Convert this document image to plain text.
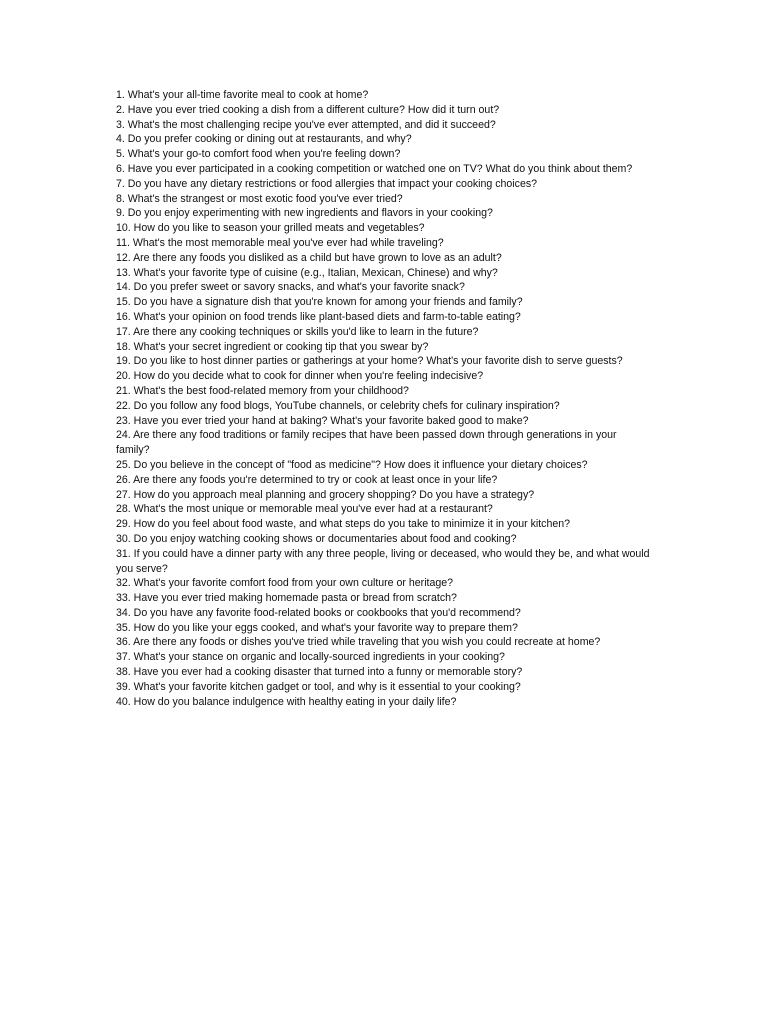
1. What's your all-time favorite meal to cook at home?
2. Have you ever tried cooking a dish from a different culture? How did it turn out?
3. What's the most challenging recipe you've ever attempted, and did it succeed?
4. Do you prefer cooking or dining out at restaurants, and why?
5. What's your go-to comfort food when you're feeling down?
6. Have you ever participated in a cooking competition or watched one on TV? What do you think about them?
7. Do you have any dietary restrictions or food allergies that impact your cooking choices?
8. What's the strangest or most exotic food you've ever tried?
9. Do you enjoy experimenting with new ingredients and flavors in your cooking?
10. How do you like to season your grilled meats and vegetables?
11. What's the most memorable meal you've ever had while traveling?
12. Are there any foods you disliked as a child but have grown to love as an adult?
13. What's your favorite type of cuisine (e.g., Italian, Mexican, Chinese) and why?
14. Do you prefer sweet or savory snacks, and what's your favorite snack?
15. Do you have a signature dish that you're known for among your friends and family?
16. What's your opinion on food trends like plant-based diets and farm-to-table eating?
17. Are there any cooking techniques or skills you'd like to learn in the future?
18. What's your secret ingredient or cooking tip that you swear by?
19. Do you like to host dinner parties or gatherings at your home? What's your favorite dish to serve guests?
20. How do you decide what to cook for dinner when you're feeling indecisive?
21. What's the best food-related memory from your childhood?
22. Do you follow any food blogs, YouTube channels, or celebrity chefs for culinary inspiration?
23. Have you ever tried your hand at baking? What's your favorite baked good to make?
24. Are there any food traditions or family recipes that have been passed down through generations in your family?
25. Do you believe in the concept of "food as medicine"? How does it influence your dietary choices?
26. Are there any foods you're determined to try or cook at least once in your life?
27. How do you approach meal planning and grocery shopping? Do you have a strategy?
28. What's the most unique or memorable meal you've ever had at a restaurant?
29. How do you feel about food waste, and what steps do you take to minimize it in your kitchen?
30. Do you enjoy watching cooking shows or documentaries about food and cooking?
31. If you could have a dinner party with any three people, living or deceased, who would they be, and what would you serve?
32. What's your favorite comfort food from your own culture or heritage?
33. Have you ever tried making homemade pasta or bread from scratch?
34. Do you have any favorite food-related books or cookbooks that you'd recommend?
35. How do you like your eggs cooked, and what's your favorite way to prepare them?
36. Are there any foods or dishes you've tried while traveling that you wish you could recreate at home?
37. What's your stance on organic and locally-sourced ingredients in your cooking?
38. Have you ever had a cooking disaster that turned into a funny or memorable story?
39. What's your favorite kitchen gadget or tool, and why is it essential to your cooking?
40. How do you balance indulgence with healthy eating in your daily life?
